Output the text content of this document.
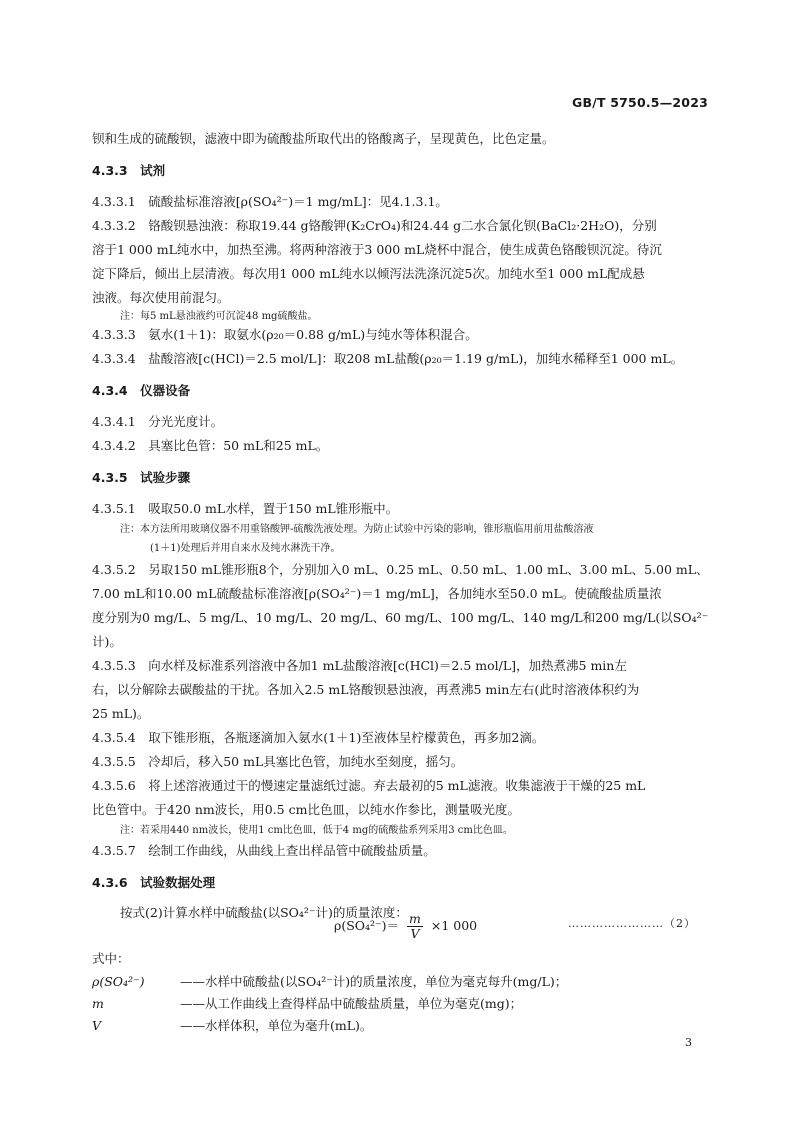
GB/T 5750.5—2023
钡和生成的硫酸钡，滤液中即为硫酸盐所取代出的铬酸离子，呈现黄色，比色定量。
4.3.3　试剂
4.3.3.1　硫酸盐标准溶液[ρ(SO₄²⁻)＝1 mg/mL]：见4.1.3.1。
4.3.3.2　铬酸钡悬浊液：称取19.44 g铬酸钾(K₂CrO₄)和24.44 g二水合氯化钡(BaCl₂·2H₂O)，分别
溶于1 000 mL纯水中，加热至沸。将两种溶液于3 000 mL烧杯中混合，使生成黄色铬酸钡沉淀。待沉
淀下降后，倾出上层清液。每次用1 000 mL纯水以倾泻法洗涤沉淀5次。加纯水至1 000 mL配成悬
浊液。每次使用前混匀。
注：每5 mL悬浊液约可沉淀48 mg硫酸盐。
4.3.3.3　氨水(1＋1)：取氨水(ρ₂₀＝0.88 g/mL)与纯水等体积混合。
4.3.3.4　盐酸溶液[c(HCl)＝2.5 mol/L]：取208 mL盐酸(ρ₂₀＝1.19 g/mL)，加纯水稀释至1 000 mL。
4.3.4　仪器设备
4.3.4.1　分光光度计。
4.3.4.2　具塞比色管：50 mL和25 mL。
4.3.5　试验步骤
4.3.5.1　吸取50.0 mL水样，置于150 mL锥形瓶中。
注：本方法所用玻璃仪器不用重铬酸钾-硫酸洗液处理。为防止试验中污染的影响，锥形瓶临用前用盐酸溶液
(1＋1)处理后并用自来水及纯水淋洗干净。
4.3.5.2　另取150 mL锥形瓶8个，分别加入0 mL、0.25 mL、0.50 mL、1.00 mL、3.00 mL、5.00 mL、
7.00 mL和10.00 mL硫酸盐标准溶液[ρ(SO₄²⁻)＝1 mg/mL]，各加纯水至50.0 mL。使硫酸盐质量浓
度分别为0 mg/L、5 mg/L、10 mg/L、20 mg/L、60 mg/L、100 mg/L、140 mg/L和200 mg/L(以SO₄²⁻
计)。
4.3.5.3　向水样及标准系列溶液中各加1 mL盐酸溶液[c(HCl)＝2.5 mol/L]，加热煮沸5 min左
右，以分解除去碳酸盐的干扰。各加入2.5 mL铬酸钡悬浊液，再煮沸5 min左右(此时溶液体积约为
25 mL)。
4.3.5.4　取下锥形瓶，各瓶逐滴加入氨水(1＋1)至液体呈柠檬黄色，再多加2滴。
4.3.5.5　冷却后，移入50 mL具塞比色管，加纯水至刻度，摇匀。
4.3.5.6　将上述溶液通过干的慢速定量滤纸过滤。弃去最初的5 mL滤液。收集滤液于干燥的25 mL
比色管中。于420 nm波长，用0.5 cm比色皿，以纯水作参比，测量吸光度。
注：若采用440 nm波长，使用1 cm比色皿，低于4 mg的硫酸盐系列采用3 cm比色皿。
4.3.5.7　绘制工作曲线，从曲线上查出样品管中硫酸盐质量。
4.3.6　试验数据处理
按式(2)计算水样中硫酸盐(以SO₄²⁻计)的质量浓度：
$\rho(SO_4^{2-})= \frac{m}{V} \times 1$ 000	……………………（2）
式中：
ρ(SO₄²⁻)	——水样中硫酸盐(以SO₄²⁻计)的质量浓度，单位为毫克每升(mg/L)；
m	——从工作曲线上查得样品中硫酸盐质量，单位为毫克(mg)；
V	——水样体积，单位为毫升(mL)。
3
